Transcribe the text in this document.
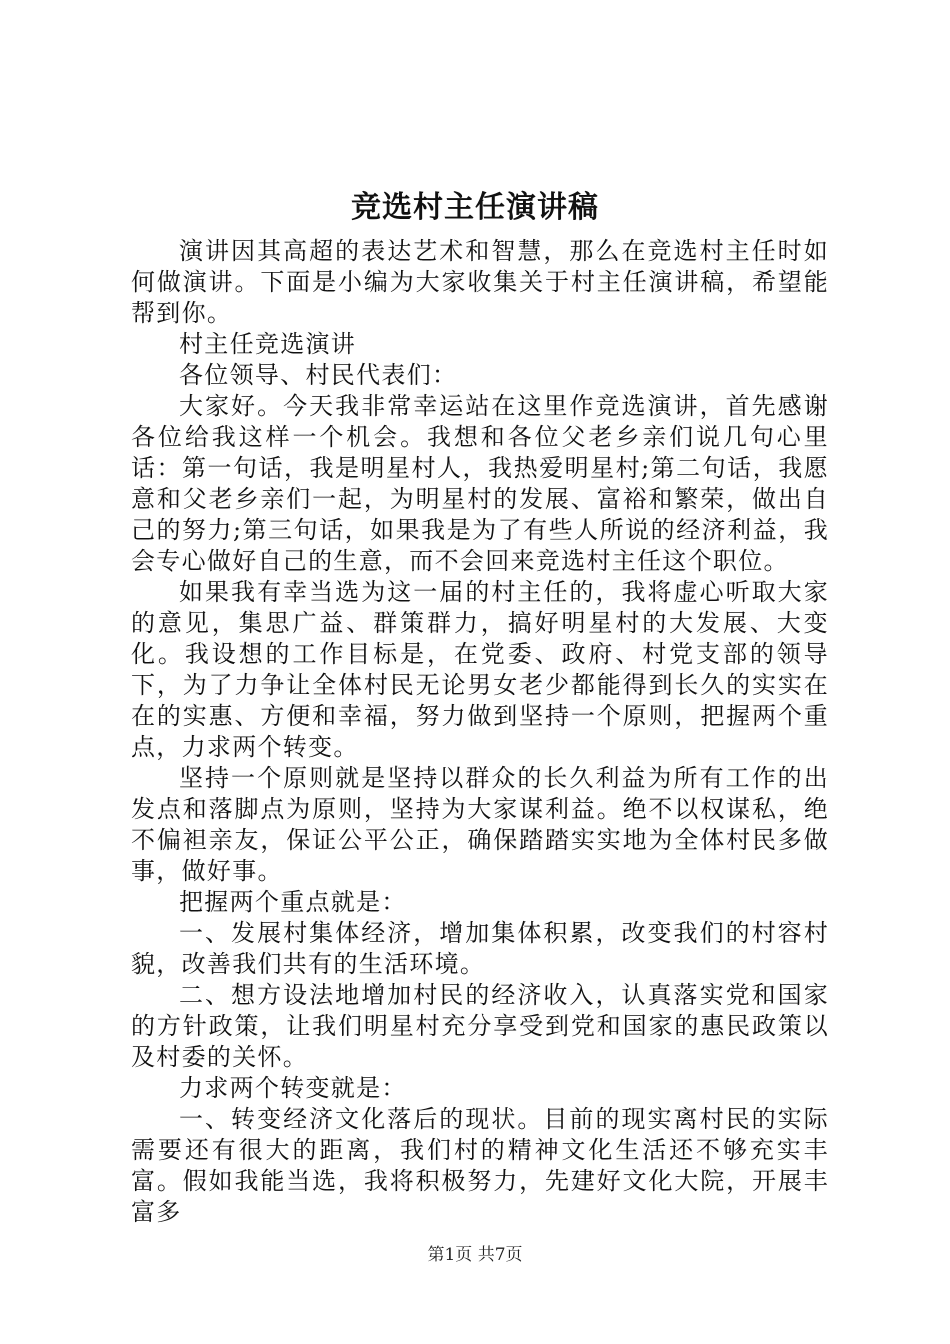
竞选村主任演讲稿

演讲因其高超的表达艺术和智慧，那么在竞选村主任时如何做演讲。下面是小编为大家收集关于村主任演讲稿，希望能帮到你。

村主任竞选演讲

各位领导、村民代表们：

大家好。今天我非常幸运站在这里作竞选演讲，首先感谢各位给我这样一个机会。我想和各位父老乡亲们说几句心里话：第一句话，我是明星村人，我热爱明星村;第二句话，我愿意和父老乡亲们一起，为明星村的发展、富裕和繁荣，做出自己的努力;第三句话，如果我是为了有些人所说的经济利益，我会专心做好自己的生意，而不会回来竞选村主任这个职位。

如果我有幸当选为这一届的村主任的，我将虚心听取大家的意见，集思广益、群策群力，搞好明星村的大发展、大变化。我设想的工作目标是，在党委、政府、村党支部的领导下，为了力争让全体村民无论男女老少都能得到长久的实实在在的实惠、方便和幸福，努力做到坚持一个原则，把握两个重点，力求两个转变。

坚持一个原则就是坚持以群众的长久利益为所有工作的出发点和落脚点为原则，坚持为大家谋利益。绝不以权谋私，绝不偏袒亲友，保证公平公正，确保踏踏实实地为全体村民多做事，做好事。

把握两个重点就是：

一、发展村集体经济，增加集体积累，改变我们的村容村貌，改善我们共有的生活环境。

二、想方设法地增加村民的经济收入，认真落实党和国家的方针政策，让我们明星村充分享受到党和国家的惠民政策以及村委的关怀。

力求两个转变就是：

一、转变经济文化落后的现状。目前的现实离村民的实际需要还有很大的距离，我们村的精神文化生活还不够充实丰富。假如我能当选，我将积极努力，先建好文化大院，开展丰富多

第1页 共7页
